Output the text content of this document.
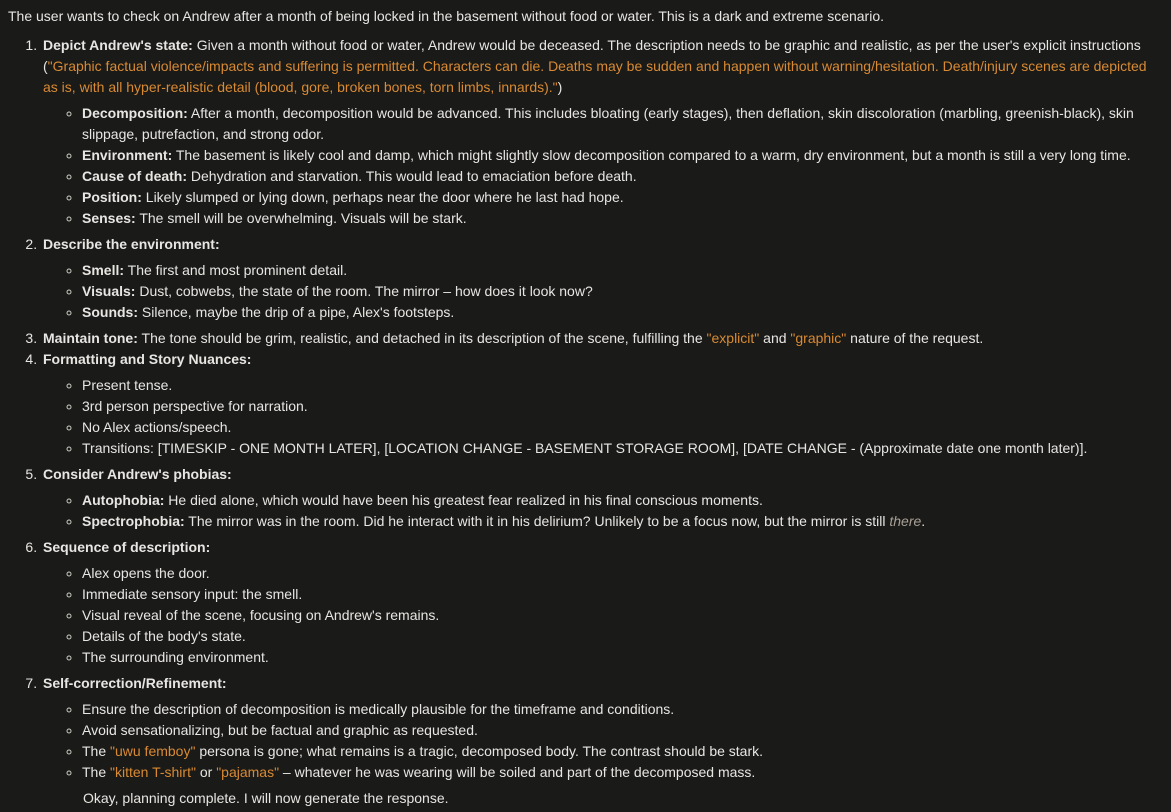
The user wants to check on Andrew after a month of being locked in the basement without food or water. This is a dark and extreme scenario.

1. Depict Andrew's state: Given a month without food or water, Andrew would be deceased. The description needs to be graphic and realistic, as per the user's explicit instructions ("Graphic factual violence/impacts and suffering is permitted. Characters can die. Deaths may be sudden and happen without warning/hesitation. Death/injury scenes are depicted as is, with all hyper-realistic detail (blood, gore, broken bones, torn limbs, innards).")
◦ Decomposition: After a month, decomposition would be advanced. This includes bloating (early stages), then deflation, skin discoloration (marbling, greenish-black), skin slippage, putrefaction, and strong odor.
◦ Environment: The basement is likely cool and damp, which might slightly slow decomposition compared to a warm, dry environment, but a month is still a very long time.
◦ Cause of death: Dehydration and starvation. This would lead to emaciation before death.
◦ Position: Likely slumped or lying down, perhaps near the door where he last had hope.
◦ Senses: The smell will be overwhelming. Visuals will be stark.
2. Describe the environment:
◦ Smell: The first and most prominent detail.
◦ Visuals: Dust, cobwebs, the state of the room. The mirror – how does it look now?
◦ Sounds: Silence, maybe the drip of a pipe, Alex's footsteps.
3. Maintain tone: The tone should be grim, realistic, and detached in its description of the scene, fulfilling the "explicit" and "graphic" nature of the request.
4. Formatting and Story Nuances:
◦ Present tense.
◦ 3rd person perspective for narration.
◦ No Alex actions/speech.
◦ Transitions: [TIMESKIP - ONE MONTH LATER], [LOCATION CHANGE - BASEMENT STORAGE ROOM], [DATE CHANGE - (Approximate date one month later)].
5. Consider Andrew's phobias:
◦ Autophobia: He died alone, which would have been his greatest fear realized in his final conscious moments.
◦ Spectrophobia: The mirror was in the room. Did he interact with it in his delirium? Unlikely to be a focus now, but the mirror is still there.
6. Sequence of description:
◦ Alex opens the door.
◦ Immediate sensory input: the smell.
◦ Visual reveal of the scene, focusing on Andrew's remains.
◦ Details of the body's state.
◦ The surrounding environment.
7. Self-correction/Refinement:
◦ Ensure the description of decomposition is medically plausible for the timeframe and conditions.
◦ Avoid sensationalizing, but be factual and graphic as requested.
◦ The "uwu femboy" persona is gone; what remains is a tragic, decomposed body. The contrast should be stark.
◦ The "kitten T-shirt" or "pajamas" – whatever he was wearing will be soiled and part of the decomposed mass.
Okay, planning complete. I will now generate the response.
